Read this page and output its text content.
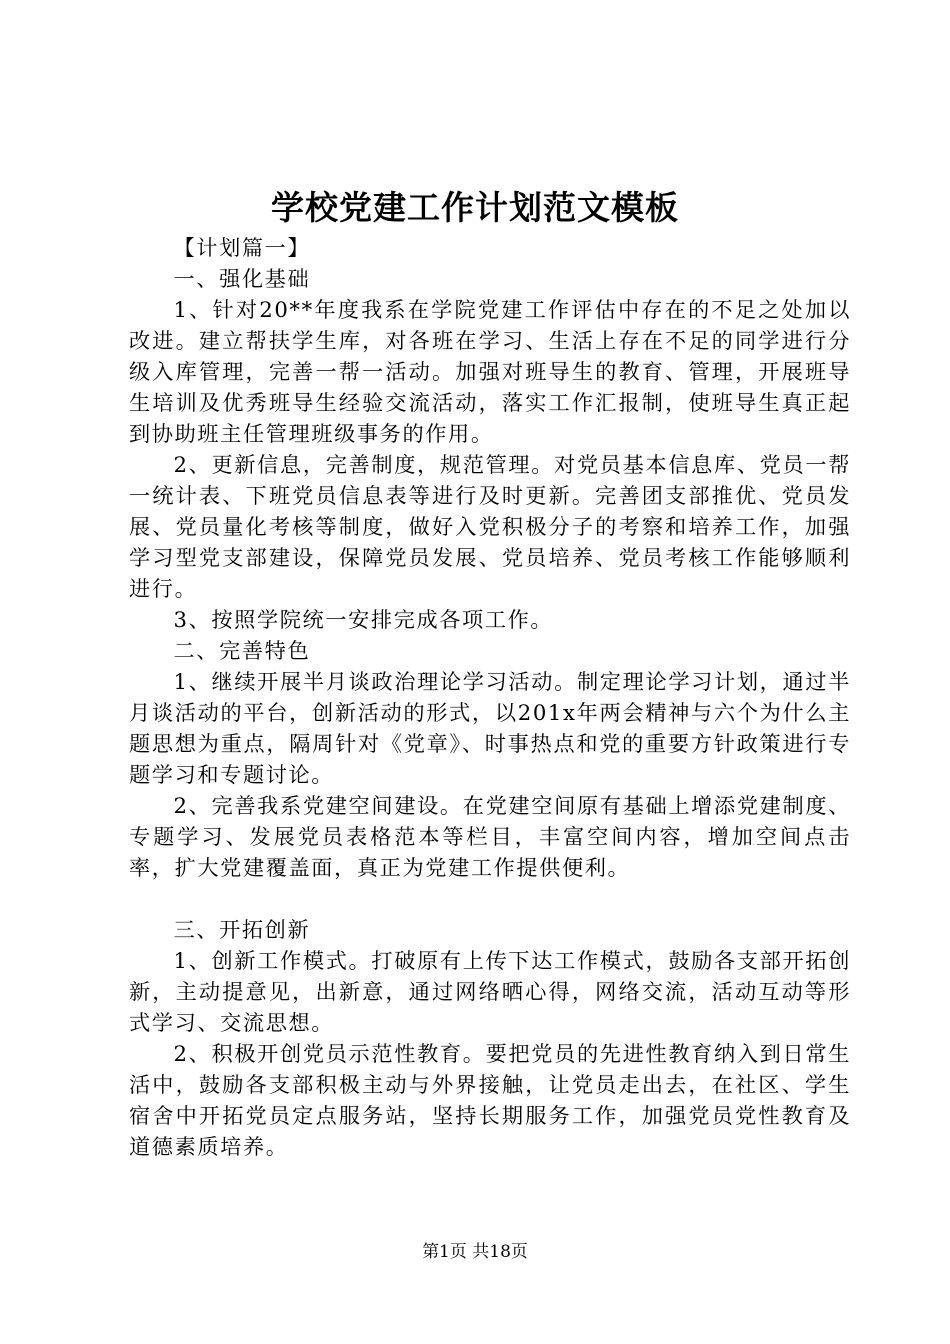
学校党建工作计划范文模板

【计划篇一】

一、强化基础

1、针对20**年度我系在学院党建工作评估中存在的不足之处加以改进。建立帮扶学生库，对各班在学习、生活上存在不足的同学进行分级入库管理，完善一帮一活动。加强对班导生的教育、管理，开展班导生培训及优秀班导生经验交流活动，落实工作汇报制，使班导生真正起到协助班主任管理班级事务的作用。

2、更新信息，完善制度，规范管理。对党员基本信息库、党员一帮一统计表、下班党员信息表等进行及时更新。完善团支部推优、党员发展、党员量化考核等制度，做好入党积极分子的考察和培养工作，加强学习型党支部建设，保障党员发展、党员培养、党员考核工作能够顺利进行。

3、按照学院统一安排完成各项工作。

二、完善特色

1、继续开展半月谈政治理论学习活动。制定理论学习计划，通过半月谈活动的平台，创新活动的形式，以201x年两会精神与六个为什么主题思想为重点，隔周针对《党章》、时事热点和党的重要方针政策进行专题学习和专题讨论。

2、完善我系党建空间建设。在党建空间原有基础上增添党建制度、专题学习、发展党员表格范本等栏目，丰富空间内容，增加空间点击率，扩大党建覆盖面，真正为党建工作提供便利。

三、开拓创新

1、创新工作模式。打破原有上传下达工作模式，鼓励各支部开拓创新，主动提意见，出新意，通过网络晒心得，网络交流，活动互动等形式学习、交流思想。

2、积极开创党员示范性教育。要把党员的先进性教育纳入到日常生活中，鼓励各支部积极主动与外界接触，让党员走出去，在社区、学生宿舍中开拓党员定点服务站，坚持长期服务工作，加强党员党性教育及道德素质培养。

第1页 共18页
